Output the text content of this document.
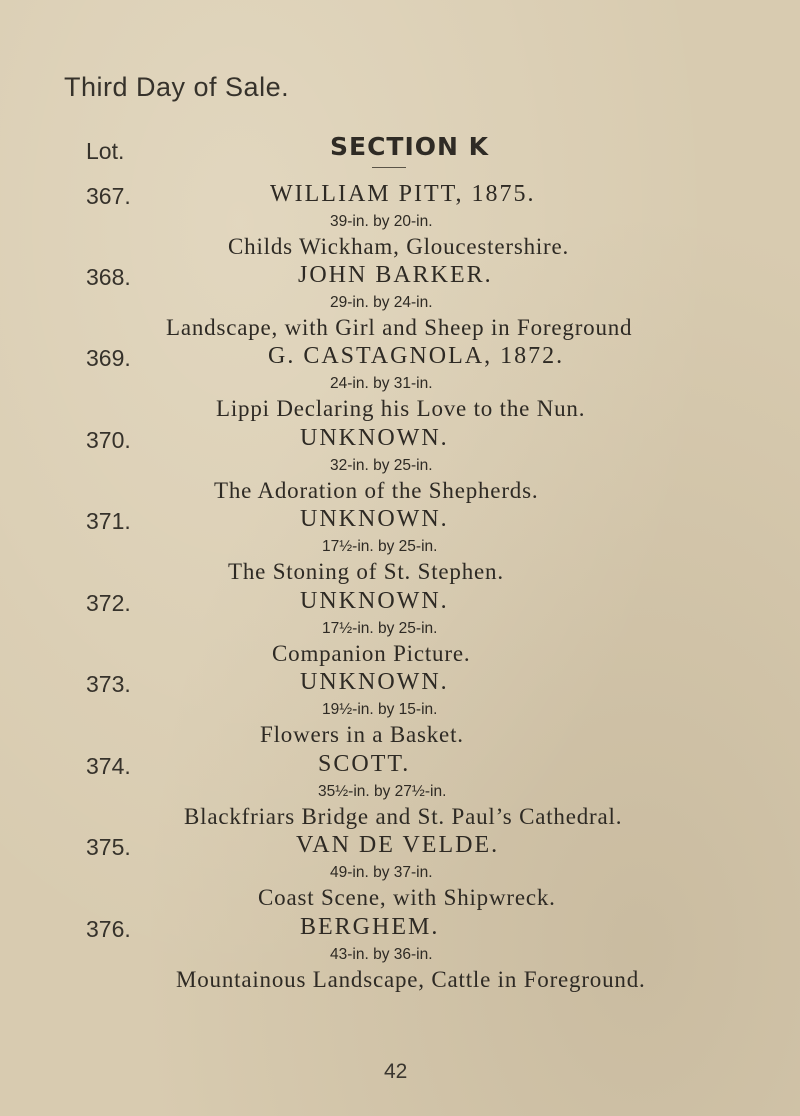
Third Day of Sale.
Lot.	SECTION K
367.	WILLIAM PITT, 1875.
39-in. by 20-in.
Childs Wickham, Gloucestershire.
368.	JOHN BARKER.
29-in. by 24-in.
Landscape, with Girl and Sheep in Foreground
369.	G. CASTAGNOLA, 1872.
24-in. by 31-in.
Lippi Declaring his Love to the Nun.
370.	UNKNOWN.
32-in. by 25-in.
The Adoration of the Shepherds.
371.	UNKNOWN.
17½-in. by 25-in.
The Stoning of St. Stephen.
372.	UNKNOWN.
17½-in. by 25-in.
Companion Picture.
373.	UNKNOWN.
19½-in. by 15-in.
Flowers in a Basket.
374.	SCOTT.
35½-in. by 27½-in.
Blackfriars Bridge and St. Paul’s Cathedral.
375.	VAN DE VELDE.
49-in. by 37-in.
Coast Scene, with Shipwreck.
376.	BERGHEM.
43-in. by 36-in.
Mountainous Landscape, Cattle in Foreground.
42
